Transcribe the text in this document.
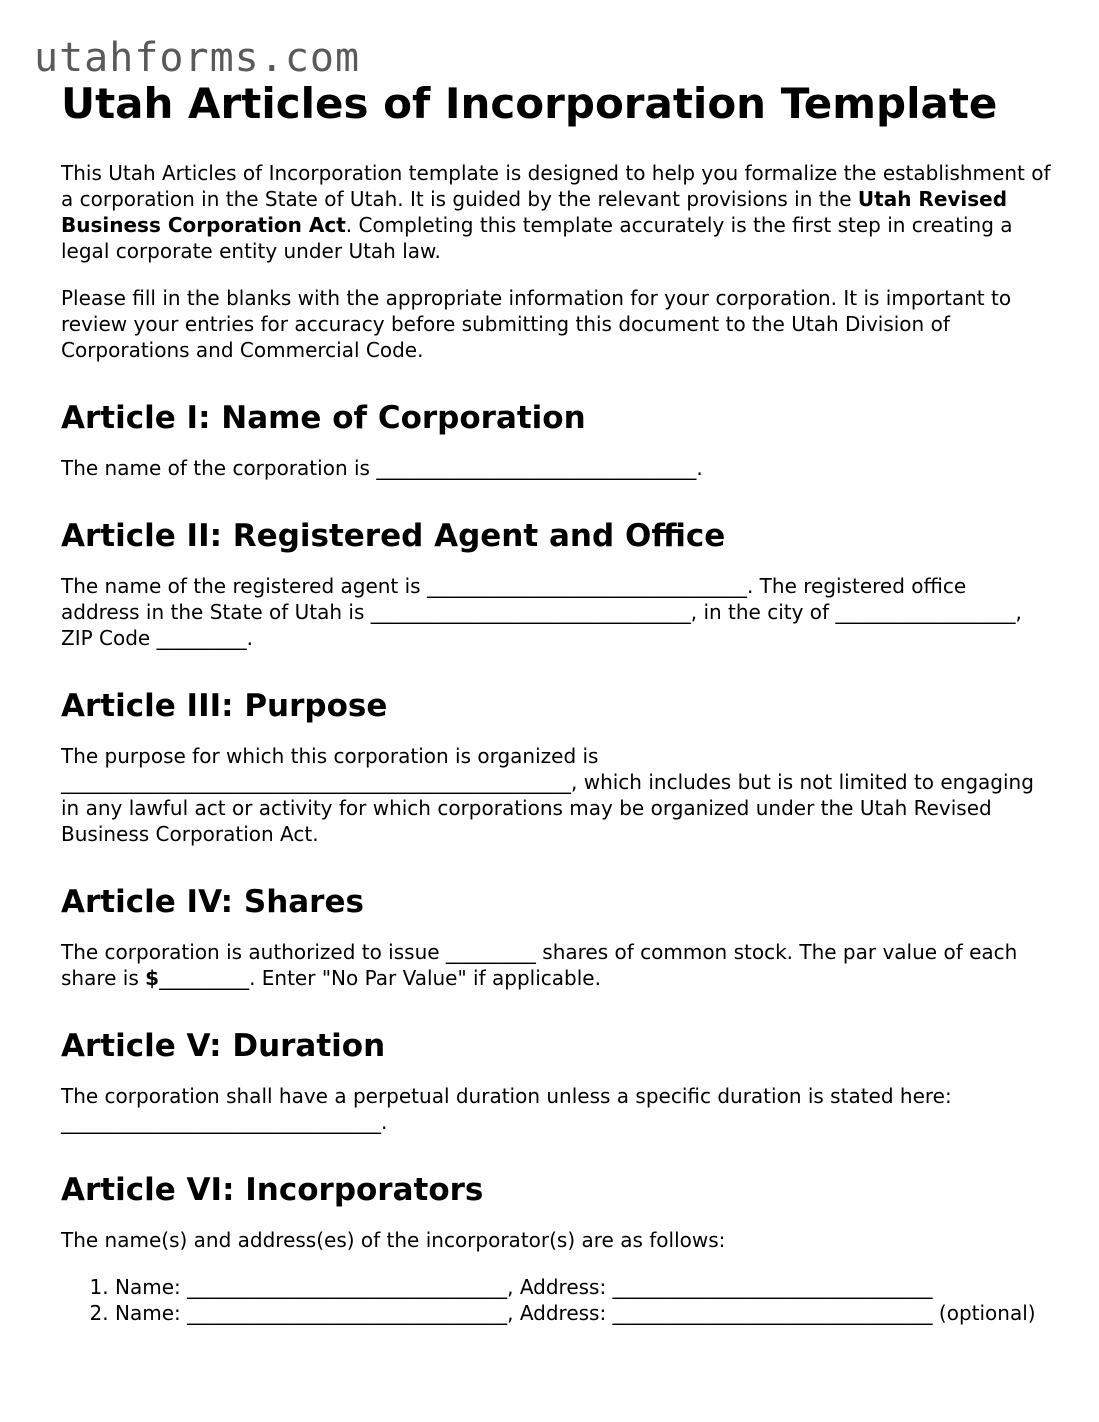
utahforms.com
Utah Articles of Incorporation Template

This Utah Articles of Incorporation template is designed to help you formalize the establishment of a corporation in the State of Utah. It is guided by the relevant provisions in the Utah Revised Business Corporation Act. Completing this template accurately is the first step in creating a legal corporate entity under Utah law.

Please fill in the blanks with the appropriate information for your corporation. It is important to review your entries for accuracy before submitting this document to the Utah Division of Corporations and Commercial Code.

Article I: Name of Corporation

The name of the corporation is ________________________________.

Article II: Registered Agent and Office

The name of the registered agent is ________________________________. The registered office address in the State of Utah is ________________________________, in the city of __________________, ZIP Code _________.

Article III: Purpose

The purpose for which this corporation is organized is
___________________________________________________, which includes but is not limited to engaging in any lawful act or activity for which corporations may be organized under the Utah Revised Business Corporation Act.

Article IV: Shares

The corporation is authorized to issue _________ shares of common stock. The par value of each share is $_________. Enter "No Par Value" if applicable.

Article V: Duration

The corporation shall have a perpetual duration unless a specific duration is stated here: ________________________________.

Article VI: Incorporators

The name(s) and address(es) of the incorporator(s) are as follows:

1. Name: ________________________________, Address: ________________________________
2. Name: ________________________________, Address: ________________________________ (optional)
